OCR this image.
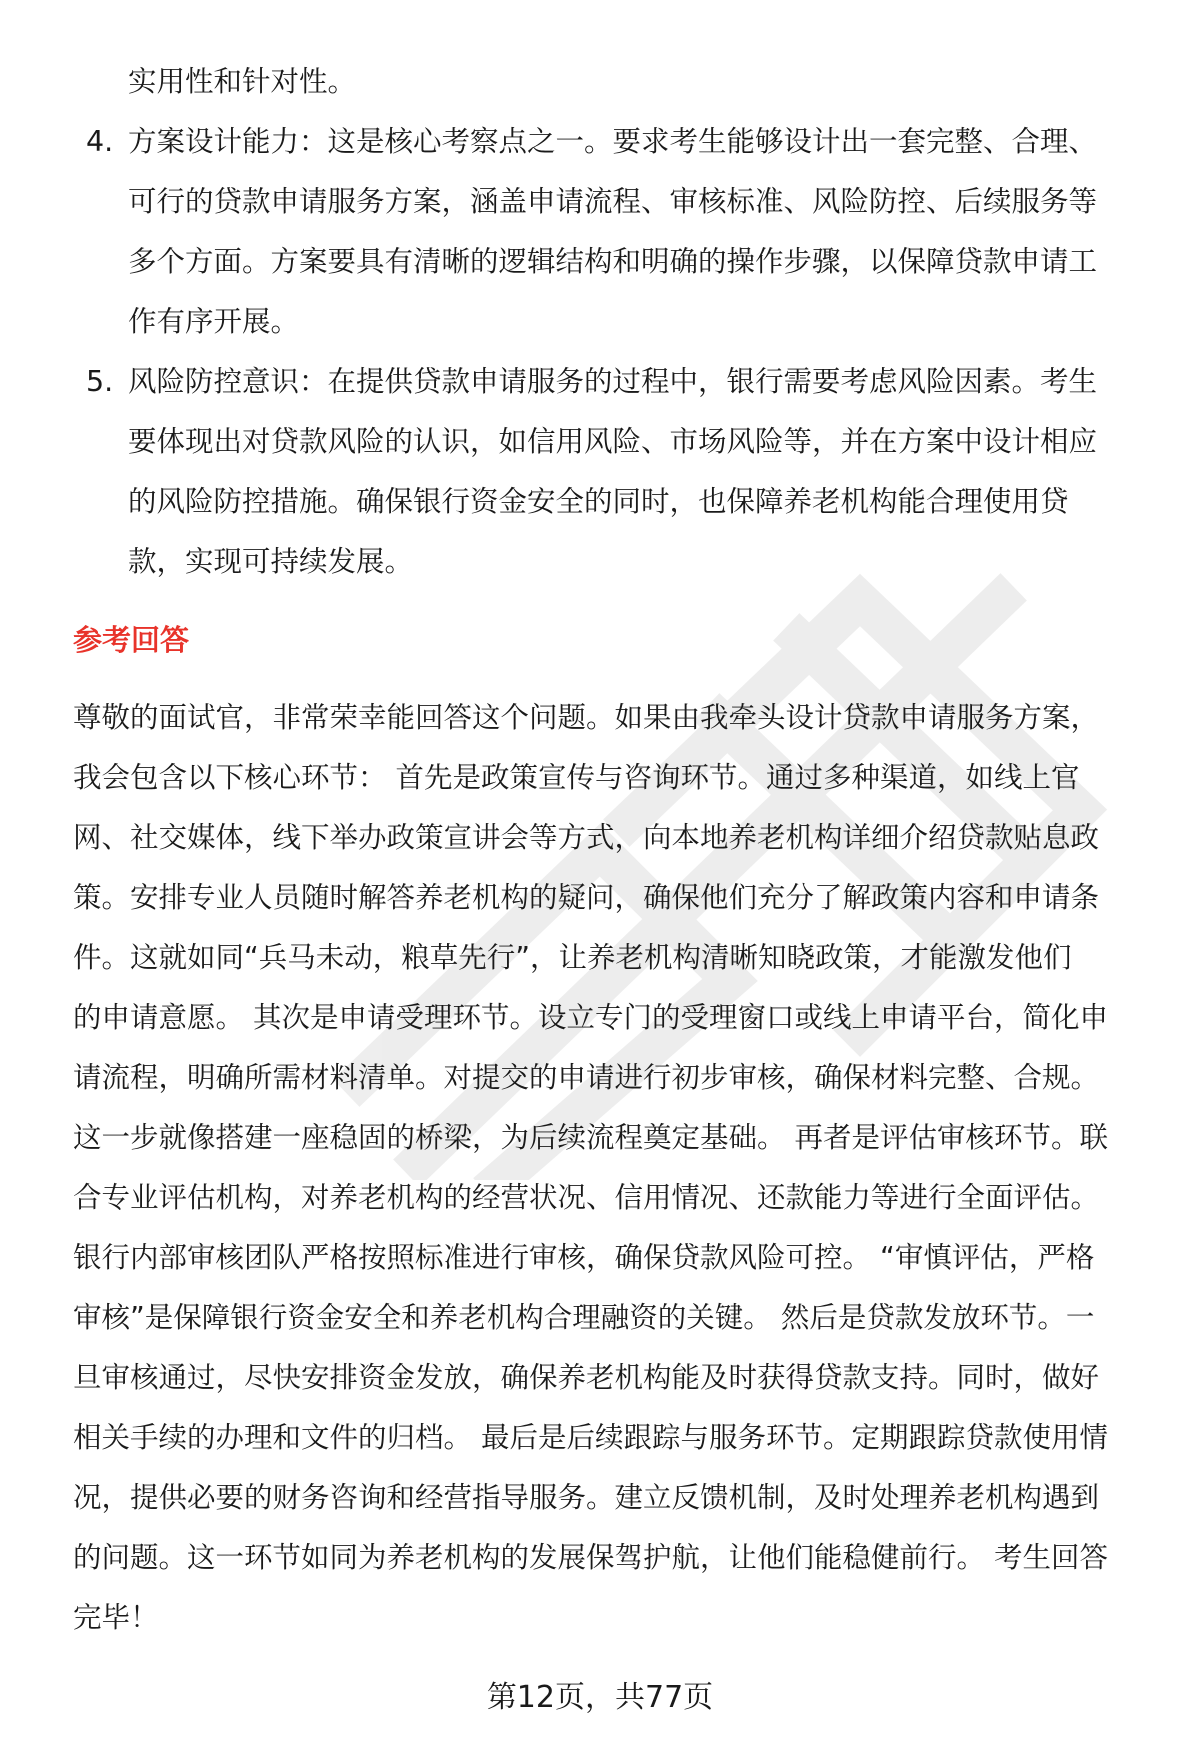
实用性和针对性。
4. 方案设计能力：这是核心考察点之一。要求考生能够设计出一套完整、合理、
可行的贷款申请服务方案，涵盖申请流程、审核标准、风险防控、后续服务等
多个方面。方案要具有清晰的逻辑结构和明确的操作步骤，以保障贷款申请工
作有序开展。
5. 风险防控意识：在提供贷款申请服务的过程中，银行需要考虑风险因素。考生
要体现出对贷款风险的认识，如信用风险、市场风险等，并在方案中设计相应
的风险防控措施。确保银行资金安全的同时，也保障养老机构能合理使用贷
款，实现可持续发展。
参考回答
尊敬的面试官，非常荣幸能回答这个问题。如果由我牵头设计贷款申请服务方案，
我会包含以下核心环节： 首先是政策宣传与咨询环节。通过多种渠道，如线上官
网、社交媒体，线下举办政策宣讲会等方式，向本地养老机构详细介绍贷款贴息政
策。安排专业人员随时解答养老机构的疑问，确保他们充分了解政策内容和申请条
件。这就如同“兵马未动，粮草先行”，让养老机构清晰知晓政策，才能激发他们
的申请意愿。 其次是申请受理环节。设立专门的受理窗口或线上申请平台，简化申
请流程，明确所需材料清单。对提交的申请进行初步审核，确保材料完整、合规。
这一步就像搭建一座稳固的桥梁，为后续流程奠定基础。 再者是评估审核环节。联
合专业评估机构，对养老机构的经营状况、信用情况、还款能力等进行全面评估。
银行内部审核团队严格按照标准进行审核，确保贷款风险可控。 “审慎评估，严格
审核”是保障银行资金安全和养老机构合理融资的关键。 然后是贷款发放环节。一
旦审核通过，尽快安排资金发放，确保养老机构能及时获得贷款支持。同时，做好
相关手续的办理和文件的归档。 最后是后续跟踪与服务环节。定期跟踪贷款使用情
况，提供必要的财务咨询和经营指导服务。建立反馈机制，及时处理养老机构遇到
的问题。这一环节如同为养老机构的发展保驾护航，让他们能稳健前行。 考生回答
完毕！
第12页，共77页
